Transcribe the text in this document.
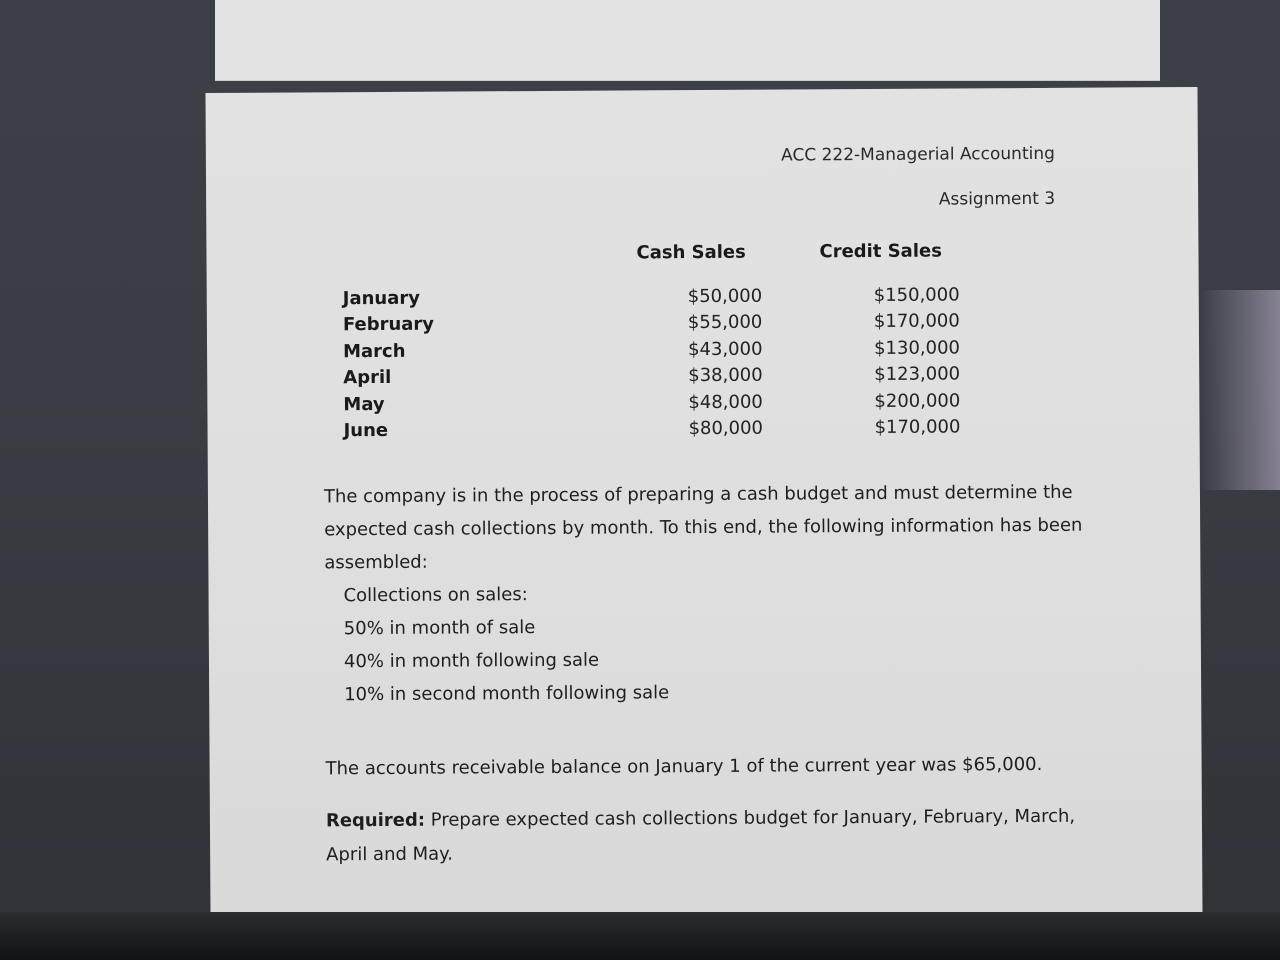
ACC 222-Managerial Accounting
Assignment 3
Cash Sales	Credit Sales
January	$50,000	$150,000
February	$55,000	$170,000
March	$43,000	$130,000
April	$38,000	$123,000
May	$48,000	$200,000
June	$80,000	$170,000
The company is in the process of preparing a cash budget and must determine the expected cash collections by month. To this end, the following information has been assembled:
Collections on sales:
50% in month of sale
40% in month following sale
10% in second month following sale
The accounts receivable balance on January 1 of the current year was $65,000.
Required: Prepare expected cash collections budget for January, February, March, April and May.
